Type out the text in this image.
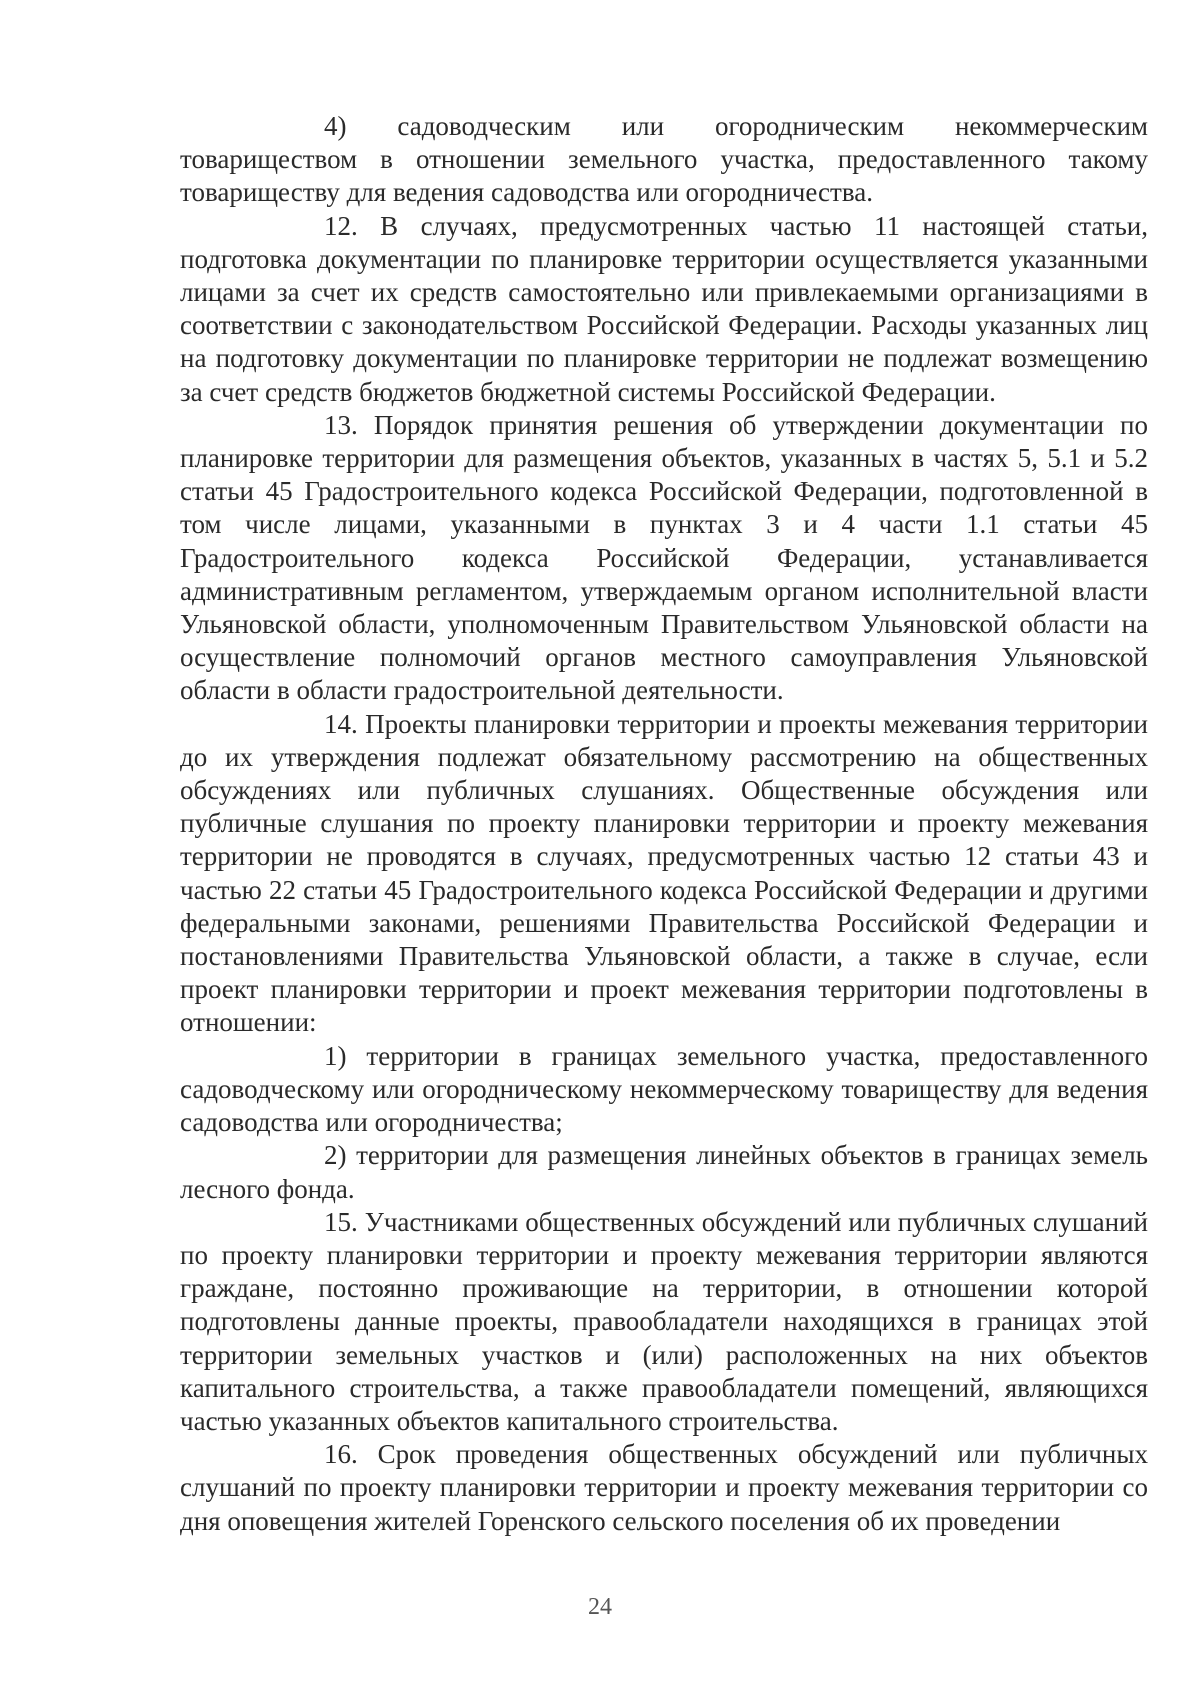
4) садоводческим или огородническим некоммерческим товариществом в отношении земельного участка, предоставленного такому товариществу для ведения садоводства или огородничества.

12. В случаях, предусмотренных частью 11 настоящей статьи, подготовка документации по планировке территории осуществляется указанными лицами за счет их средств самостоятельно или привлекаемыми организациями в соответствии с законодательством Российской Федерации. Расходы указанных лиц на подготовку документации по планировке территории не подлежат возмещению за счет средств бюджетов бюджетной системы Российской Федерации.

13. Порядок принятия решения об утверждении документации по планировке территории для размещения объектов, указанных в частях 5, 5.1 и 5.2 статьи 45 Градостроительного кодекса Российской Федерации, подготовленной в том числе лицами, указанными в пунктах 3 и 4 части 1.1 статьи 45 Градостроительного кодекса Российской Федерации, устанавливается административным регламентом, утверждаемым органом исполнительной власти Ульяновской области, уполномоченным Правительством Ульяновской области на осуществление полномочий органов местного самоуправления Ульяновской области в области градостроительной деятельности.

14. Проекты планировки территории и проекты межевания территории до их утверждения подлежат обязательному рассмотрению на общественных обсуждениях или публичных слушаниях. Общественные обсуждения или публичные слушания по проекту планировки территории и проекту межевания территории не проводятся в случаях, предусмотренных частью 12 статьи 43 и частью 22 статьи 45 Градостроительного кодекса Российской Федерации и другими федеральными законами, решениями Правительства Российской Федерации и постановлениями Правительства Ульяновской области, а также в случае, если проект планировки территории и проект межевания территории подготовлены в отношении:

1) территории в границах земельного участка, предоставленного садоводческому или огородническому некоммерческому товариществу для ведения садоводства или огородничества;

2) территории для размещения линейных объектов в границах земель лесного фонда.

15. Участниками общественных обсуждений или публичных слушаний по проекту планировки территории и проекту межевания территории являются граждане, постоянно проживающие на территории, в отношении которой подготовлены данные проекты, правообладатели находящихся в границах этой территории земельных участков и (или) расположенных на них объектов капитального строительства, а также правообладатели помещений, являющихся частью указанных объектов капитального строительства.

16. Срок проведения общественных обсуждений или публичных слушаний по проекту планировки территории и проекту межевания территории со дня оповещения жителей Горенского сельского поселения об их проведении

24
